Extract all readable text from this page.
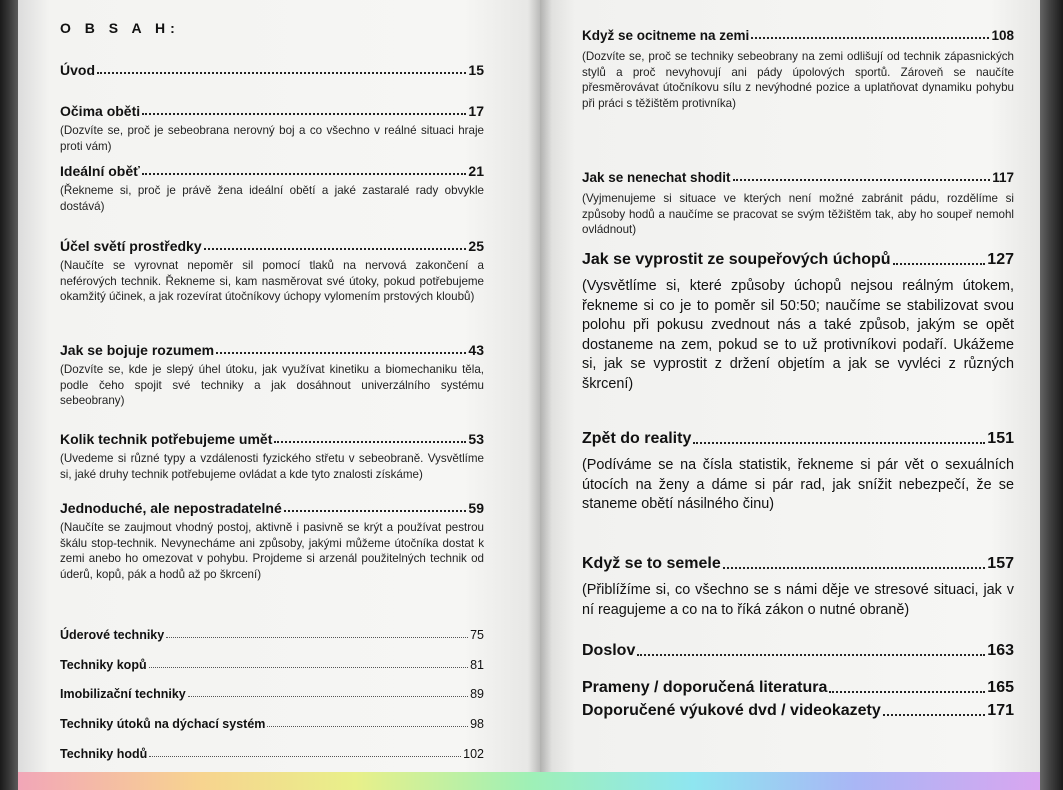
O B S A H:
Úvod	15
Očima oběti	17

(Dozvíte se, proč je sebeobrana nerovný boj a co všechno v reálné situaci hraje proti vám)

Ideální oběť	21

(Řekneme si, proč je právě žena ideální obětí a jaké zastaralé rady obvykle dostává)

Účel světí prostředky	25

(Naučíte se vyrovnat nepoměr sil pomocí tlaků na nervová zakončení a neférových technik. Řekneme si, kam nasměrovat své útoky, pokud potřebujeme okamžitý účinek, a jak rozevírat útočníkovy úchopy vylomením prstových kloubů)

Jak se bojuje rozumem	43

(Dozvíte se, kde je slepý úhel útoku, jak využívat kinetiku a biomechaniku těla, podle čeho spojit své techniky a jak dosáhnout univerzálního systému sebeobrany)

Kolik technik potřebujeme umět	53

(Uvedeme si různé typy a vzdálenosti fyzického střetu v sebeobraně. Vysvětlíme si, jaké druhy technik potřebujeme ovládat a kde tyto znalosti získáme)

Jednoduché, ale nepostradatelné	59

(Naučíte se zaujmout vhodný postoj, aktivně i pasivně se krýt a používat pestrou škálu stop-technik. Nevynecháme ani způsoby, jakými můžeme útočníka dostat k zemi anebo ho omezovat v pohybu. Projdeme si arzenál použitelných technik od úderů, kopů, pák a hodů až po škrcení)

Úderové techniky	75
Techniky kopů	81
Imobilizační techniky	89
Techniky útoků na dýchací systém	98
Techniky hodů	102
Když se ocitneme na zemi	108

(Dozvíte se, proč se techniky sebeobrany na zemi odlišují od technik zápasnických stylů a proč nevyhovují ani pády úpolových sportů. Zároveň se naučíte přesměrovávat útočníkovu sílu z nevýhodné pozice a uplatňovat dynamiku pohybu při práci s těžištěm protivníka)

Jak se nenechat shodit	117

(Vyjmenujeme si situace ve kterých není možné zabránit pádu, rozdělíme si způsoby hodů a naučíme se pracovat se svým těžištěm tak, aby ho soupeř nemohl ovládnout)

Jak se vyprostit ze soupeřových úchopů	127

(Vysvětlíme si, které způsoby úchopů nejsou reálným útokem, řekneme si co je to poměr sil 50:50; naučíme se stabilizovat svou polohu při pokusu zvednout nás a také způsob, jakým se opět dostaneme na zem, pokud se to už protivníkovi podaří. Ukážeme si, jak se vyprostit z držení objetím a jak se vyvléci z různých škrcení)

Zpět do reality	151

(Podíváme se na čísla statistik, řekneme si pár vět o sexuálních útocích na ženy a dáme si pár rad, jak snížit nebezpečí, že se staneme obětí násilného činu)

Když se to semele	157

(Přiblížíme si, co všechno se s námi děje ve stresové situaci, jak v ní reagujeme a co na to říká zákon o nutné obraně)

Doslov	163
Prameny / doporučená literatura	165
Doporučené výukové dvd / videokazety	171
